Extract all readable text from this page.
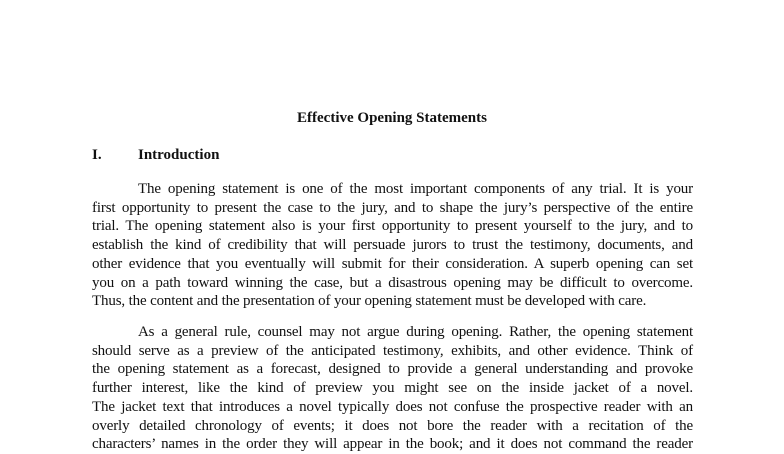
Effective Opening Statements
I. Introduction

The opening statement is one of the most important components of any trial. It is your
first opportunity to present the case to the jury, and to shape the jury’s perspective of the entire
trial. The opening statement also is your first opportunity to present yourself to the jury, and to
establish the kind of credibility that will persuade jurors to trust the testimony, documents, and
other evidence that you eventually will submit for their consideration. A superb opening can set
you on a path toward winning the case, but a disastrous opening may be difficult to overcome.
Thus, the content and the presentation of your opening statement must be developed with care.

As a general rule, counsel may not argue during opening. Rather, the opening statement
should serve as a preview of the anticipated testimony, exhibits, and other evidence. Think of
the opening statement as a forecast, designed to provide a general understanding and provoke
further interest, like the kind of preview you might see on the inside jacket of a novel.
The jacket text that introduces a novel typically does not confuse the prospective reader with an
overly detailed chronology of events; it does not bore the reader with a recitation of the
characters’ names in the order they will appear in the book; and it does not command the reader
